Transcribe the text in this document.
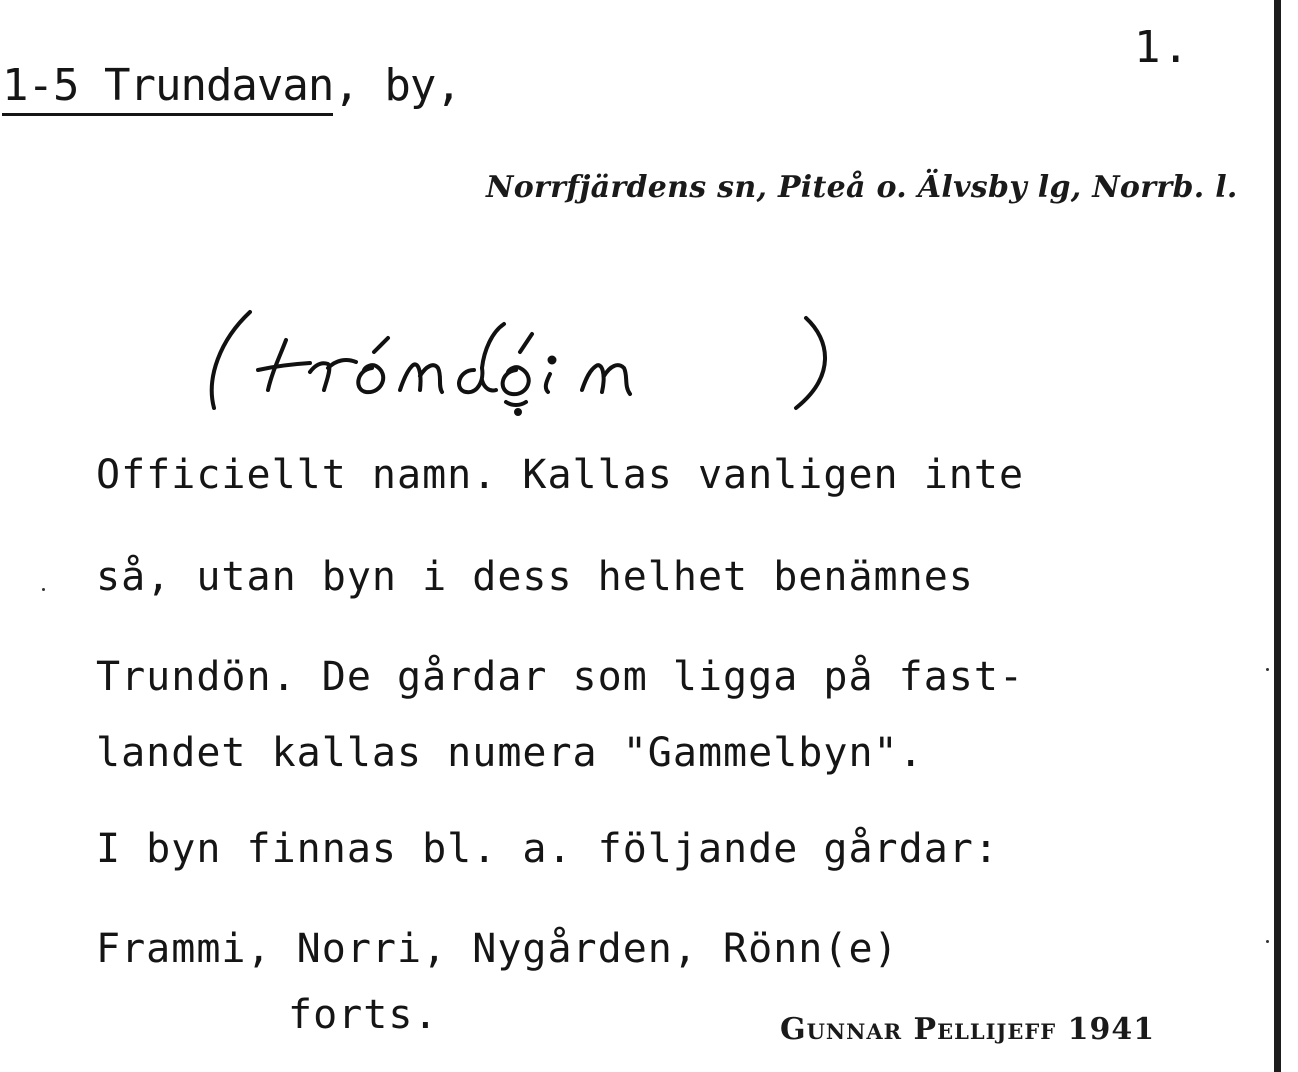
1.
1-5 Trundavan, by,
Norrfjärdens sn, Piteå o. Älvsby lg, Norrb. l.
Officiellt namn. Kallas vanligen inte
så, utan byn i dess helhet benämnes
Trundön. De gårdar som ligga på fast-
landet kallas numera "Gammelbyn".
I byn finnas bl. a. följande gårdar:
Frammi, Norri, Nygården, Rönn(e)
forts.	Gunnar Pellijeff 1941
